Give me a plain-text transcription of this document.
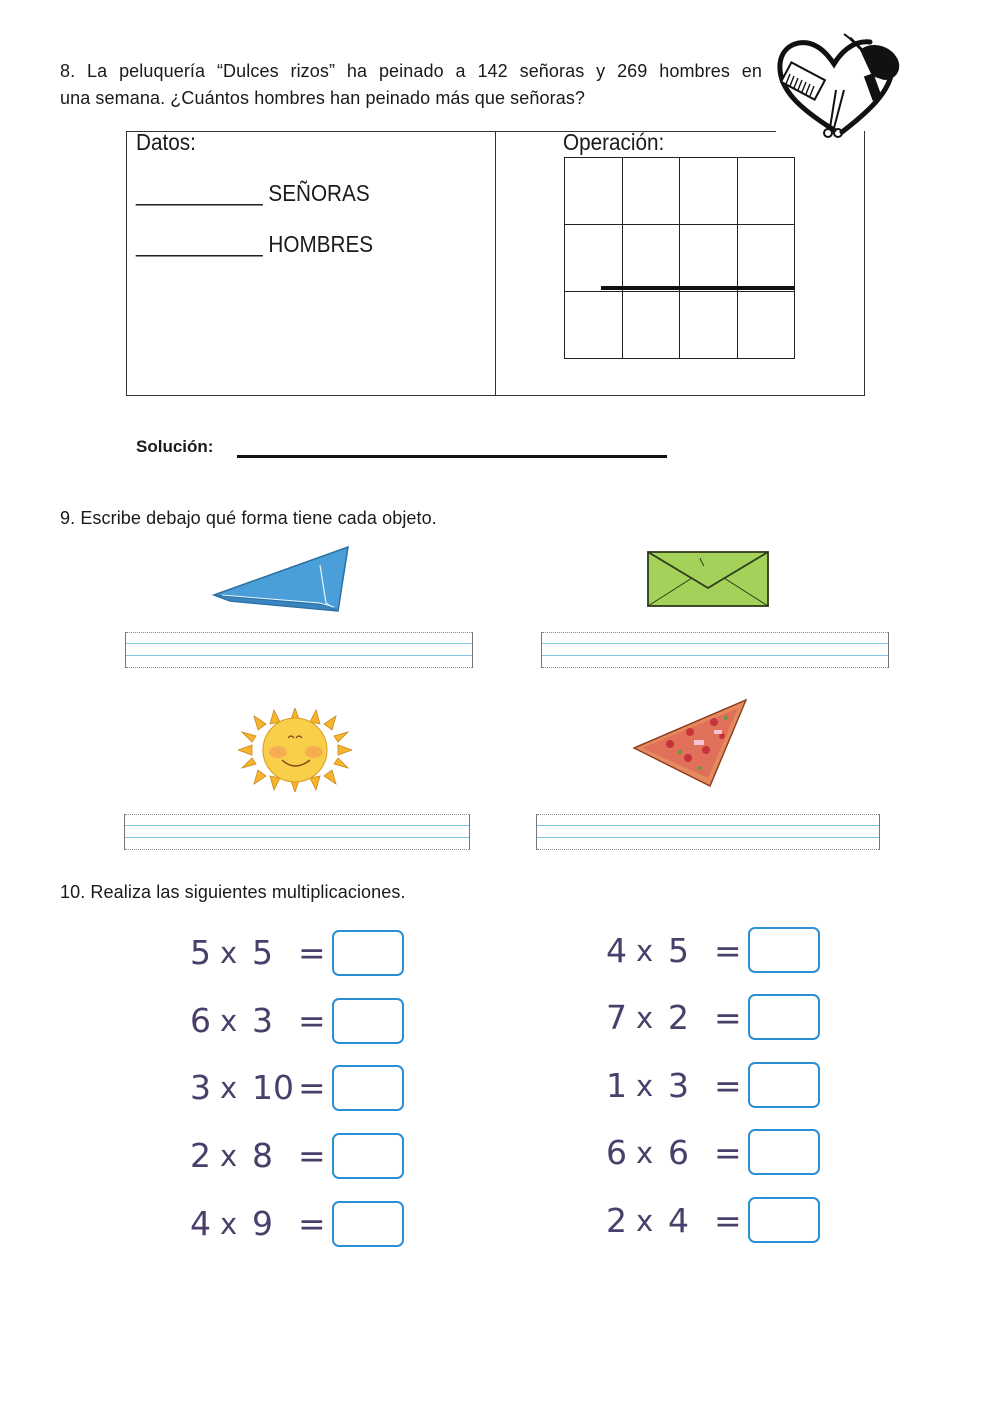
8. La peluquería “Dulces rizos” ha peinado a 142 señoras y 269 hombres en
una semana. ¿Cuántos hombres han peinado más que señoras?
Datos:	Operación:
___________ SEÑORAS
___________ HOMBRES

Solución:
9. Escribe debajo qué forma tiene cada objeto.
10. Realiza las siguientes multiplicaciones.
5 x 5 =
6 x 3 =
3 x 10 =
2 x 8 =
4 x 9 =
4 x 5 =
7 x 2 =
1 x 3 =
6 x 6 =
2 x 4 =
